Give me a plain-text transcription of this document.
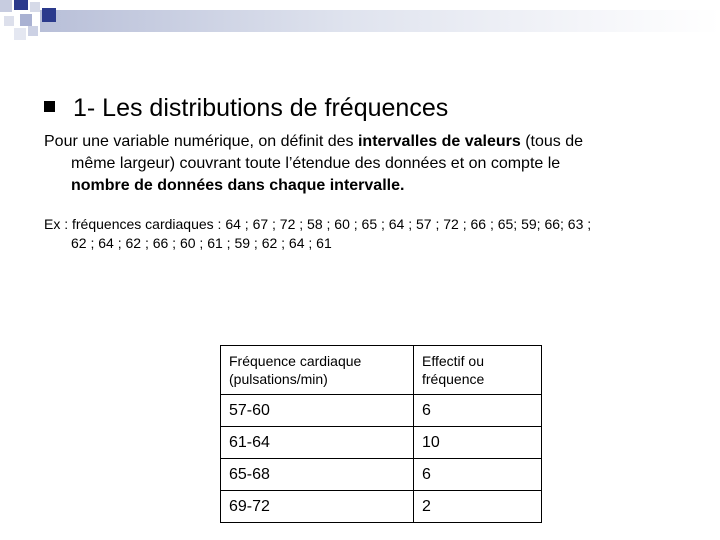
1- Les distributions de fréquences
Pour une variable numérique, on définit des intervalles de valeurs (tous de
même largeur) couvrant toute l’étendue des données et on compte le
nombre de données dans chaque intervalle.
Ex : fréquences cardiaques : 64 ; 67 ; 72 ; 58 ; 60 ; 65 ; 64 ; 57 ; 72 ; 66 ; 65; 59; 66; 63 ;
62 ; 64 ; 62 ; 66 ; 60 ; 61 ; 59 ; 62 ; 64 ; 61
Fréquence cardiaque (pulsations/min)	Effectif ou fréquence
57-60	6
61-64	10
65-68	6
69-72	2
